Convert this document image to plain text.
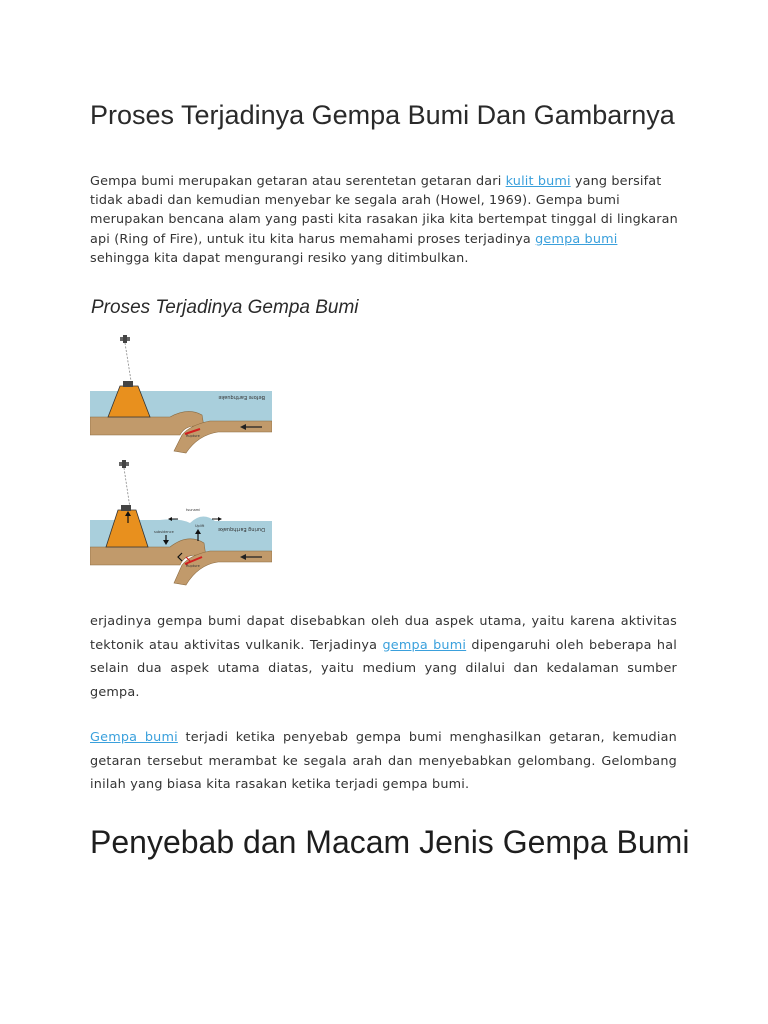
Proses Terjadinya Gempa Bumi Dan Gambarnya

Gempa bumi merupakan getaran atau serentetan getaran dari kulit bumi yang bersifat tidak abadi dan kemudian menyebar ke segala arah (Howel, 1969). Gempa bumi merupakan bencana alam yang pasti kita rasakan jika kita bertempat tinggal di lingkaran api (Ring of Fire), untuk itu kita harus memahami proses terjadinya gempa bumi sehingga kita dapat mengurangi resiko yang ditimbulkan.

Proses Terjadinya Gempa Bumi
Before Earthquake
Rupture
tsunami
Uplift
subsidence
Rupture
During Earthquake

erjadinya gempa bumi dapat disebabkan oleh dua aspek utama, yaitu karena aktivitas tektonik atau aktivitas vulkanik. Terjadinya gempa bumi dipengaruhi oleh beberapa hal selain dua aspek utama diatas, yaitu medium yang dilalui dan kedalaman sumber gempa.

Gempa bumi terjadi ketika penyebab gempa bumi menghasilkan getaran, kemudian getaran tersebut merambat ke segala arah dan menyebabkan gelombang. Gelombang inilah yang biasa kita rasakan ketika terjadi gempa bumi.

Penyebab dan Macam Jenis Gempa Bumi
